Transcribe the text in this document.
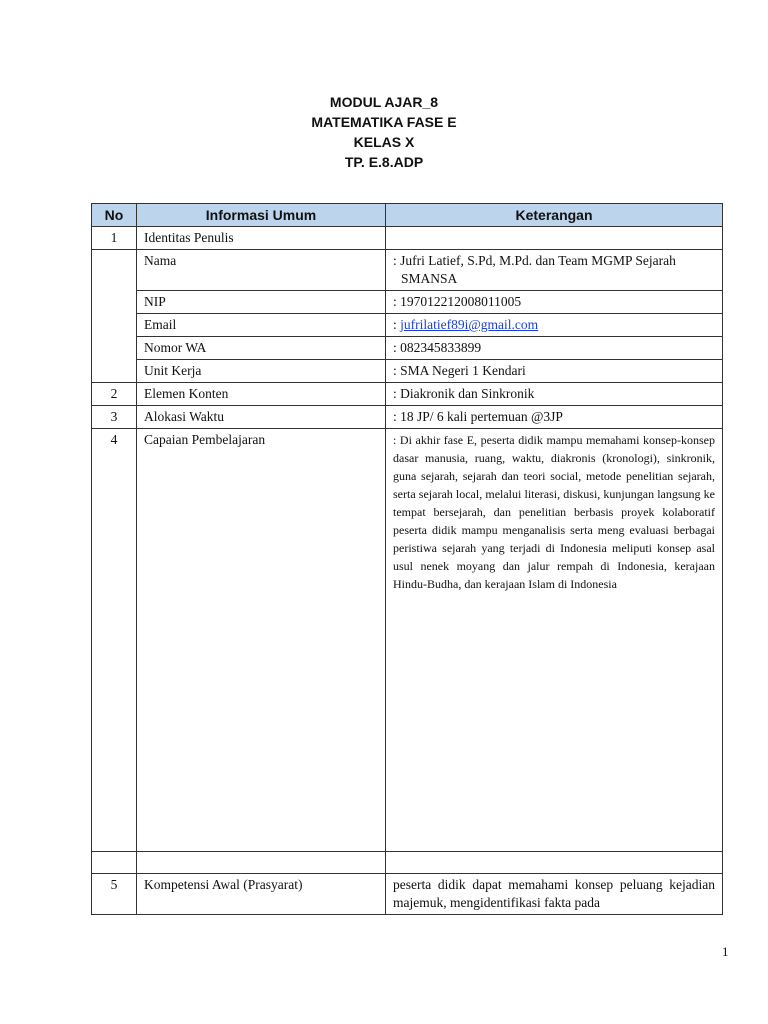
MODUL AJAR_8
MATEMATIKA FASE E
KELAS X
TP. E.8.ADP
No	Informasi Umum	Keterangan
1	Identitas Penulis	
	Nama	: Jufri Latief, S.Pd, M.Pd. dan Team MGMP Sejarah
SMANSA
	NIP	: 197012212008011005
	Email	: jufrilatief89i@gmail.com
	Nomor WA	: 082345833899
	Unit Kerja	: SMA Negeri 1 Kendari
2	Elemen Konten	: Diakronik dan Sinkronik
3	Alokasi Waktu	: 18 JP/ 6 kali pertemuan @3JP
4	Capaian Pembelajaran	: Di akhir fase E, peserta didik mampu memahami konsep-konsep dasar manusia, ruang, waktu, diakronis (kronologi), sinkronik, guna sejarah, sejarah dan teori social, metode penelitian sejarah, serta sejarah local, melalui literasi, diskusi, kunjungan langsung ke tempat bersejarah, dan penelitian berbasis proyek kolaboratif peserta didik mampu menganalisis serta meng evaluasi berbagai peristiwa sejarah yang terjadi di Indonesia meliputi konsep asal usul nenek moyang dan jalur rempah di Indonesia, kerajaan Hindu-Budha, dan kerajaan Islam di Indonesia

5	Kompetensi Awal (Prasyarat)	peserta didik dapat memahami konsep peluang kejadian majemuk, mengidentifikasi fakta pada
1
